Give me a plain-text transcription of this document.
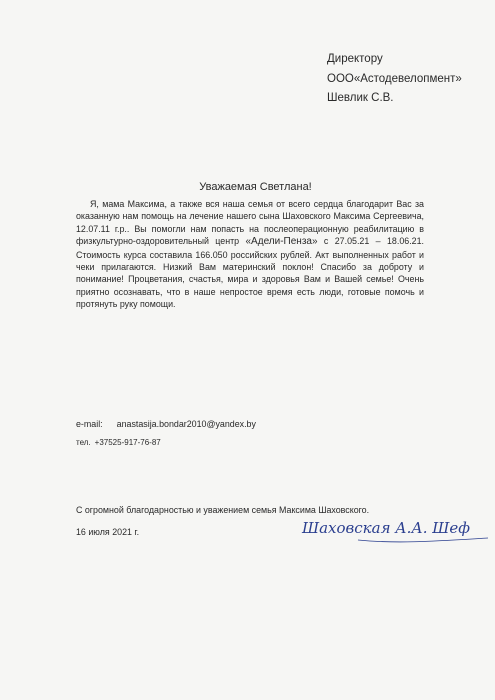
Директору
ООО«Астодевелопмент»
Шевлик С.В.
Уважаемая Светлана!
Я, мама Максима, а также вся наша семья от всего сердца благодарит Вас за оказанную нам помощь на лечение нашего сына Шаховского Максима Сергеевича, 12.07.11 г.р.. Вы помогли нам попасть на послеоперационную реабилитацию в физкультурно-оздоровительный центр «Адели-Пенза» с 27.05.21 – 18.06.21. Стоимость курса составила 166.050 российских рублей. Акт выполненных работ и чеки прилагаются. Низкий Вам материнский поклон! Спасибо за доброту и понимание! Процветания, счастья, мира и здоровья Вам и Вашей семье! Очень приятно осознавать, что в наше непростое время есть люди, готовые помочь и протянуть руку помощи.
e-mail: anastasija.bondar2010@yandex.by
тел. +37525-917-76-87
С огромной благодарностью и уважением семья Максима Шаховского.
16 июля 2021 г.	Шаховская А.А. Шеф
